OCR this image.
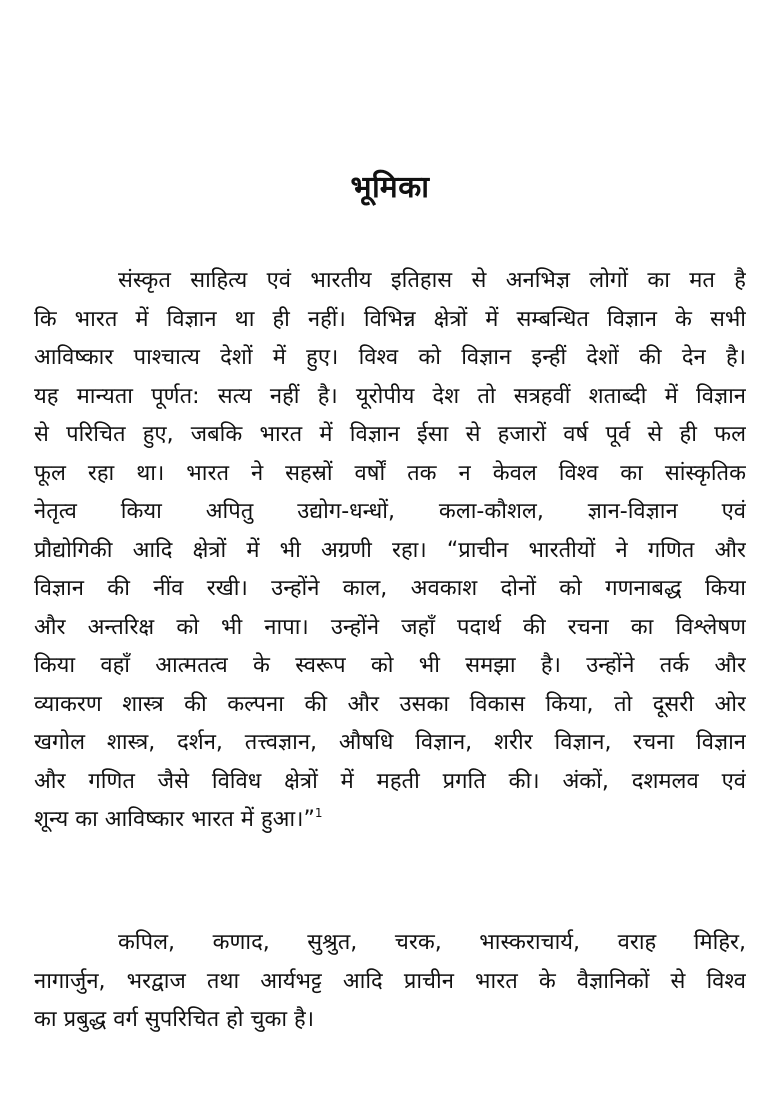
भूमिका
संस्कृत साहित्य एवं भारतीय इतिहास से अनभिज्ञ लोगों का मत है
कि भारत में विज्ञान था ही नहीं। विभिन्न क्षेत्रों में सम्बन्धित विज्ञान के सभी
आविष्कार पाश्चात्य देशों में हुए। विश्व को विज्ञान इन्हीं देशों की देन है।
यह मान्यता पूर्णत: सत्य नहीं है। यूरोपीय देश तो सत्रहवीं शताब्दी में विज्ञान
से परिचित हुए, जबकि भारत में विज्ञान ईसा से हजारों वर्ष पूर्व से ही फल
फूल रहा था। भारत ने सहस्रों वर्षों तक न केवल विश्व का सांस्कृतिक
नेतृत्व किया अपितु उद्योग-धन्धों, कला-कौशल, ज्ञान-विज्ञान एवं
प्रौद्योगिकी आदि क्षेत्रों में भी अग्रणी रहा। “प्राचीन भारतीयों ने गणित और
विज्ञान की नींव रखी। उन्होंने काल, अवकाश दोनों को गणनाबद्ध किया
और अन्तरिक्ष को भी नापा। उन्होंने जहाँ पदार्थ की रचना का विश्लेषण
किया वहाँ आत्मतत्व के स्वरूप को भी समझा है। उन्होंने तर्क और
व्याकरण शास्त्र की कल्पना की और उसका विकास किया, तो दूसरी ओर
खगोल शास्त्र, दर्शन, तत्त्वज्ञान, औषधि विज्ञान, शरीर विज्ञान, रचना विज्ञान
और गणित जैसे विविध क्षेत्रों में महती प्रगति की। अंकों, दशमलव एवं
शून्य का आविष्कार भारत में हुआ।”$^1$
कपिल, कणाद, सुश्रुत, चरक, भास्कराचार्य, वराह मिहिर,
नागार्जुन, भरद्वाज तथा आर्यभट्ट आदि प्राचीन भारत के वैज्ञानिकों से विश्व
का प्रबुद्ध वर्ग सुपरिचित हो चुका है।
